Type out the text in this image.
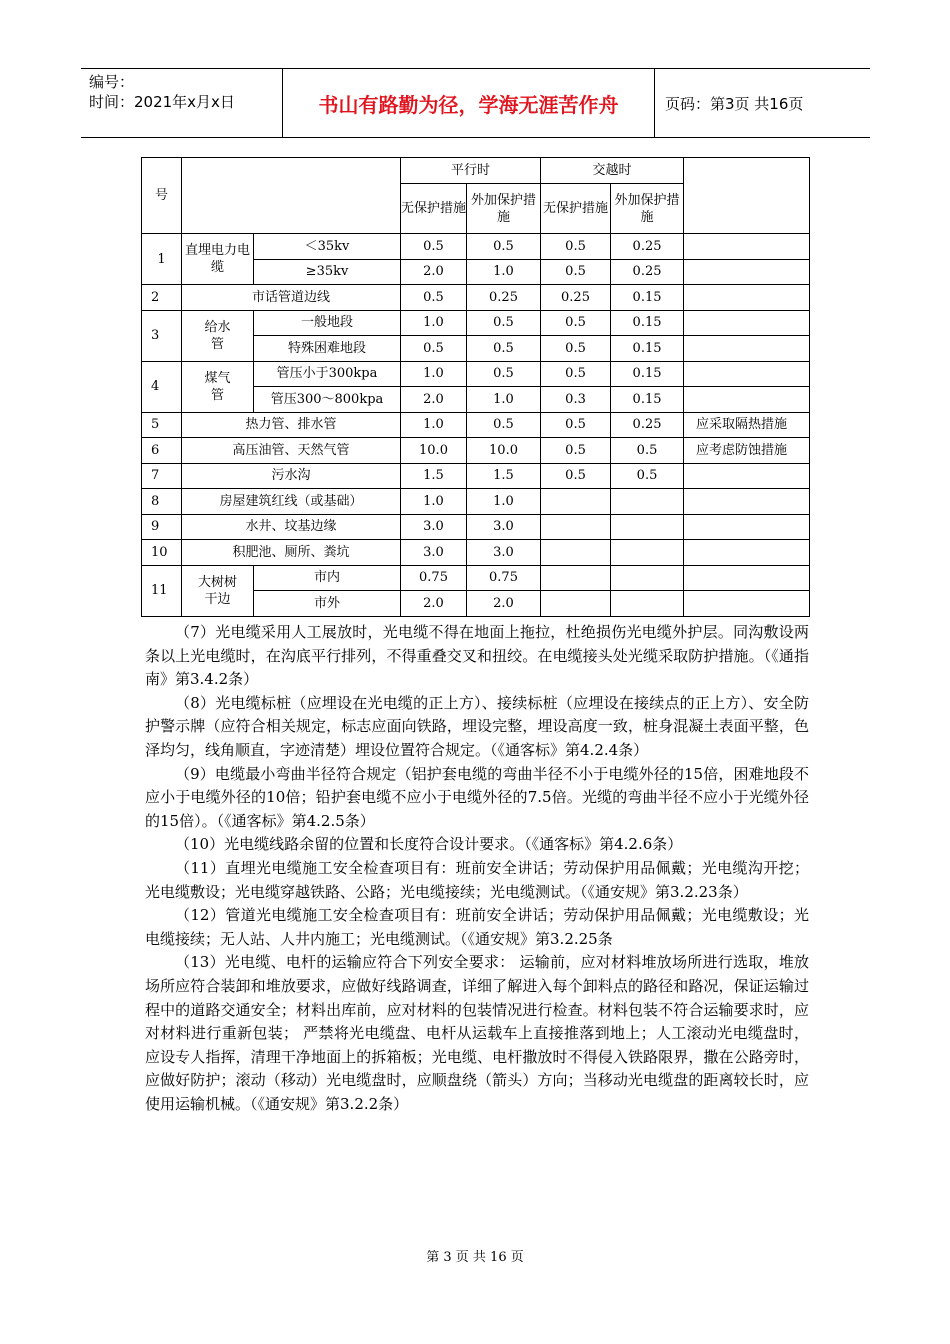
编号：
时间：2021年x月x日	书山有路勤为径，学海无涯苦作舟	页码：第3页 共16页
号			平行时		交越时		
			无保护措施	外加保护措施	无保护措施	外加保护措施	

1	直埋电力电缆	＜35kv	0.5	0.5	0.5	0.25	
		≥35kv	2.0	1.0	0.5	0.25	
2	市话管道边线		0.5	0.25	0.25	0.15	
3	给水管	一般地段	1.0	0.5	0.5	0.15	
		特殊困难地段	0.5	0.5	0.5	0.15	
4	煤气管	管压小于300kpa	1.0	0.5	0.5	0.15	
		管压300～800kpa	2.0	1.0	0.3	0.15	
5	热力管、排水管		1.0	0.5	0.5	0.25	应采取隔热措施
6	高压油管、天然气管		10.0	10.0	0.5	0.5	应考虑防蚀措施
7	污水沟		1.5	1.5	0.5	0.5	
8	房屋建筑红线（或基础）		1.0	1.0			
9	水井、坟基边缘		3.0	3.0			
10	积肥池、厕所、粪坑		3.0	3.0			
11	大树树干边	市内	0.75	0.75			
		市外	2.0	2.0			

（7）光电缆采用人工展放时，光电缆不得在地面上拖拉，杜绝损伤光电缆外护层。同沟敷设两条以上光电缆时，在沟底平行排列，不得重叠交叉和扭绞。在电缆接头处光缆采取防护措施。（《通指南》第3.4.2条）

（8）光电缆标桩（应埋设在光电缆的正上方）、接续标桩（应埋设在接续点的正上方）、安全防护警示牌（应符合相关规定，标志应面向铁路，埋设完整，埋设高度一致，桩身混凝土表面平整，色泽均匀，线角顺直，字迹清楚）埋设位置符合规定。（《通客标》第4.2.4条）

（9）电缆最小弯曲半径符合规定（铝护套电缆的弯曲半径不小于电缆外径的15倍，困难地段不应小于电缆外径的10倍；铅护套电缆不应小于电缆外径的7.5倍。光缆的弯曲半径不应小于光缆外径的15倍）。（《通客标》第4.2.5条）

（10）光电缆线路余留的位置和长度符合设计要求。（《通客标》第4.2.6条）

（11）直埋光电缆施工安全检查项目有：班前安全讲话；劳动保护用品佩戴；光电缆沟开挖；光电缆敷设；光电缆穿越铁路、公路；光电缆接续；光电缆测试。（《通安规》第3.2.23条）

（12）管道光电缆施工安全检查项目有：班前安全讲话；劳动保护用品佩戴；光电缆敷设；光电缆接续；无人站、人井内施工；光电缆测试。（《通安规》第3.2.25条

（13）光电缆、电杆的运输应符合下列安全要求： 运输前，应对材料堆放场所进行选取，堆放场所应符合装卸和堆放要求，应做好线路调查，详细了解进入每个卸料点的路径和路况，保证运输过程中的道路交通安全；材料出库前，应对材料的包装情况进行检查。材料包装不符合运输要求时，应对材料进行重新包装； 严禁将光电缆盘、电杆从运载车上直接推落到地上；人工滚动光电缆盘时，应设专人指挥，清理干净地面上的拆箱板；光电缆、电杆撒放时不得侵入铁路限界，撒在公路旁时，应做好防护；滚动（移动）光电缆盘时，应顺盘绕（箭头）方向；当移动光电缆盘的距离较长时，应使用运输机械。（《通安规》第3.2.2条）

第 3 页 共 16 页
